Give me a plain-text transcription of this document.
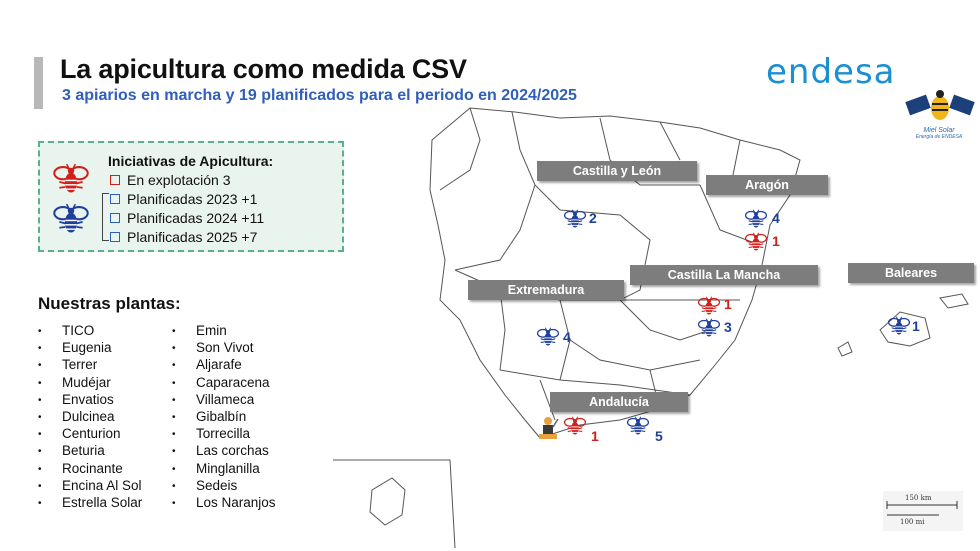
La apicultura como medida CSV
3 apiarios en marcha y 19 planificados para el periodo en 2024/2025
endesa
Miel Solar
Energía de ENDESA
Iniciativas de Apicultura:
En explotación 3
Planificadas 2023 +1
Planificadas 2024 +11
Planificadas 2025 +7
Nuestras plantas:
• TICO
• Eugenia
• Terrer
• Mudéjar
• Envatios
• Dulcinea
• Centurion
• Beturia
• Rocinante
• Encina Al Sol
• Estrella Solar
• Emin
• Son Vivot
• Aljarafe
• Caparacena
• Villameca
• Gibalbín
• Torrecilla
• Las corchas
• Minglanilla
• Sedeis
• Los Naranjos
Castilla y León
Aragón
Castilla La Mancha	Baleares
Extremadura
Andalucía
2	4
1
1
3	1
4
1	5
150 km
100 mi
